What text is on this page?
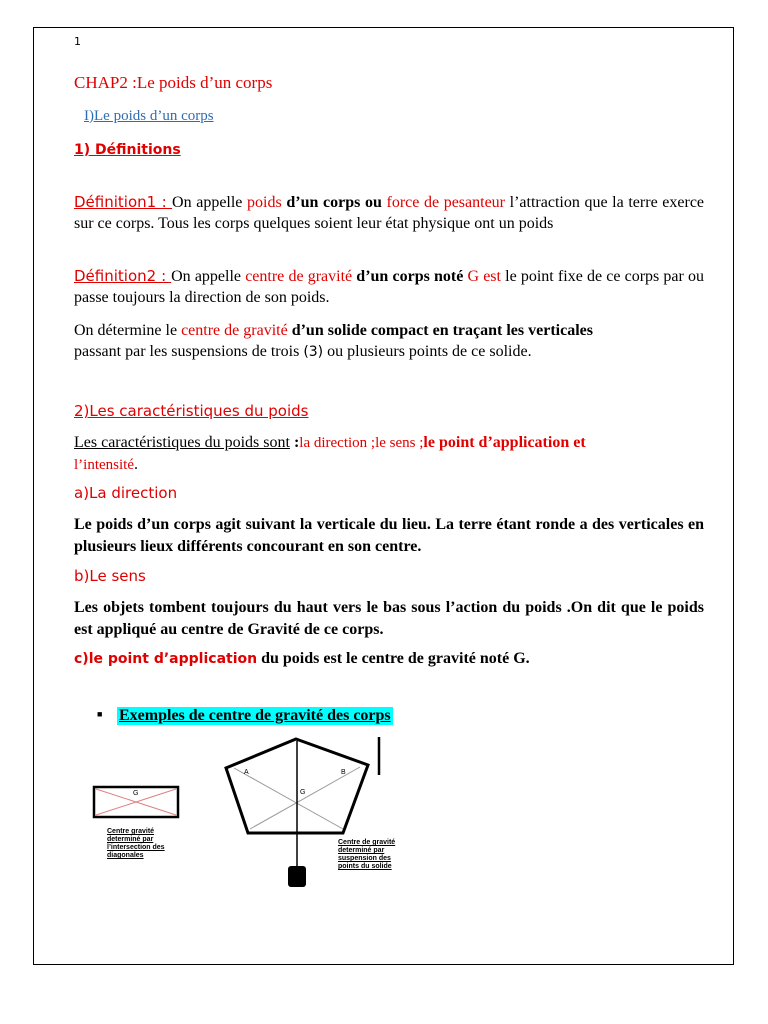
1
CHAP2 :Le poids d’un corps
I)Le poids d’un corps
1) Définitions
Définition1 : On appelle poids d’un corps ou force de pesanteur l’attraction que la terre exerce sur ce corps. Tous les corps quelques soient leur état physique ont un poids
Définition2 : On appelle centre de gravité d’un corps noté G est le point fixe de ce corps par ou passe toujours la direction de son poids.
On détermine le centre de gravité d’un solide compact en traçant les verticales
passant par les suspensions de trois (3) ou plusieurs points de ce solide.
2)Les caractéristiques du poids
Les caractéristiques du poids sont :la direction ;le sens ;le point d’application et
l’intensité.
a)La direction
Le poids d’un corps agit suivant la verticale du lieu. La terre étant ronde a des verticales en plusieurs lieux différents concourant en son centre.
b)Le sens
Les objets tombent toujours du haut vers le bas sous l’action du poids .On dit que le poids est appliqué au centre de Gravité de ce corps.
c)le point d’application du poids est le centre de gravité noté G.
■ Exemples de centre de gravité des corps
G
A	B
G
Centre gravité
determiné par
l’intersection des
diagonales
Centre de gravité
determiné par
suspension des
points du solide
